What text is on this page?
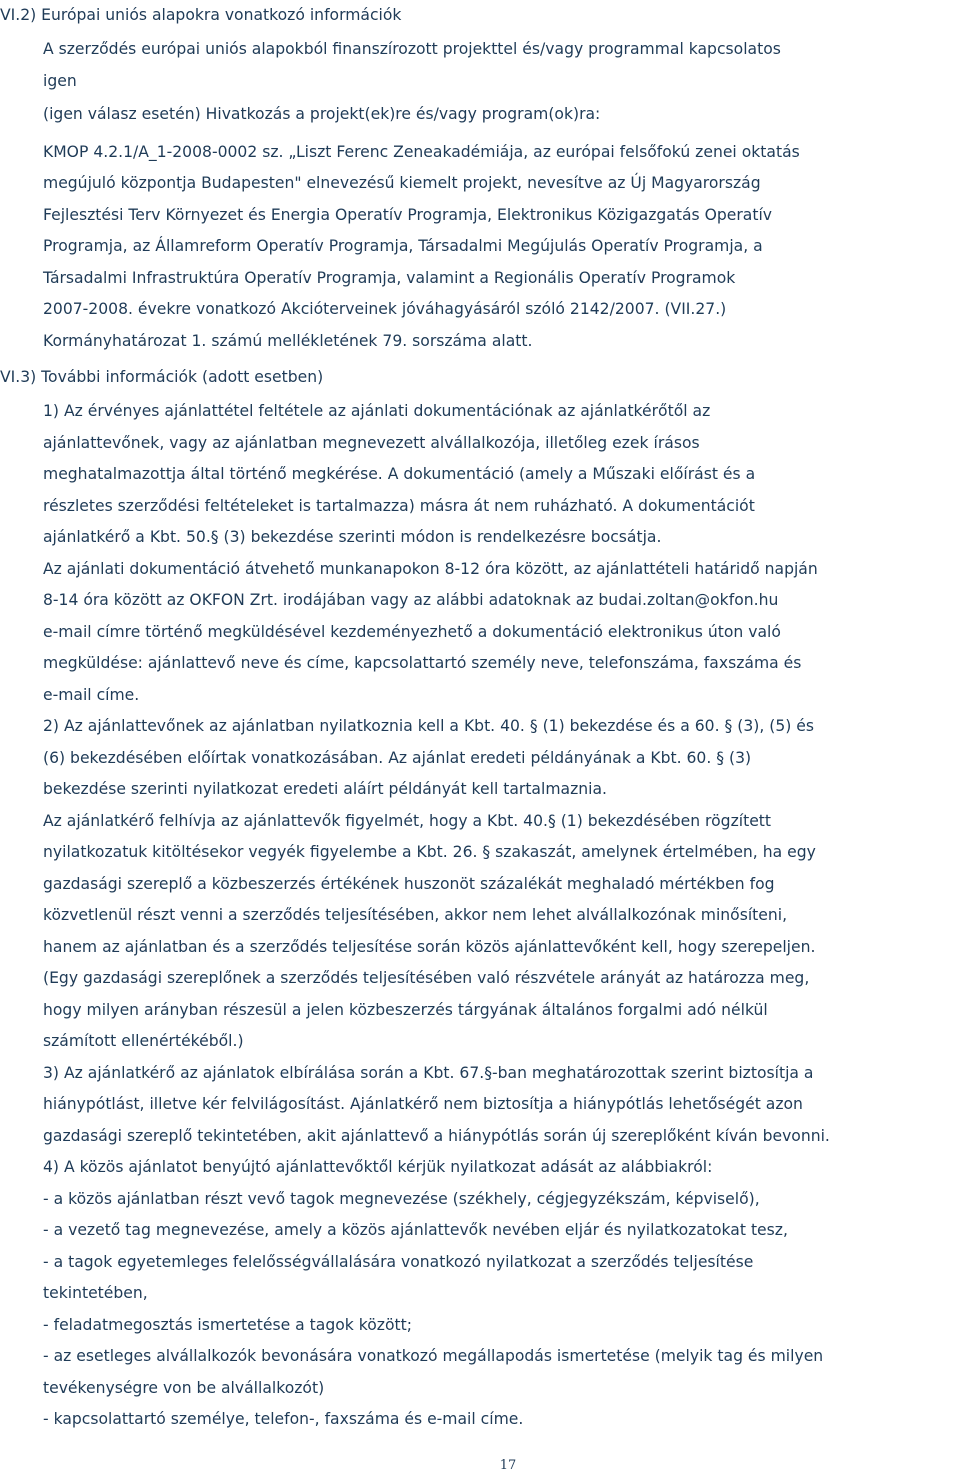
VI.2) Európai uniós alapokra vonatkozó információk
A szerződés európai uniós alapokból finanszírozott projekttel és/vagy programmal kapcsolatos
igen
(igen válasz esetén) Hivatkozás a projekt(ek)re és/vagy program(ok)ra:
KMOP 4.2.1/A_1-2008-0002 sz. „Liszt Ferenc Zeneakadémiája, az európai felsőfokú zenei oktatás
megújuló központja Budapesten" elnevezésű kiemelt projekt, nevesítve az Új Magyarország
Fejlesztési Terv Környezet és Energia Operatív Programja, Elektronikus Közigazgatás Operatív
Programja, az Államreform Operatív Programja, Társadalmi Megújulás Operatív Programja, a
Társadalmi Infrastruktúra Operatív Programja, valamint a Regionális Operatív Programok
2007-2008. évekre vonatkozó Akcióterveinek jóváhagyásáról szóló 2142/2007. (VII.27.)
Kormányhatározat 1. számú mellékletének 79. sorszáma alatt.
VI.3) További információk (adott esetben)
1) Az érvényes ajánlattétel feltétele az ajánlati dokumentációnak az ajánlatkérőtől az
ajánlattevőnek, vagy az ajánlatban megnevezett alvállalkozója, illetőleg ezek írásos
meghatalmazottja által történő megkérése. A dokumentáció (amely a Műszaki előírást és a
részletes szerződési feltételeket is tartalmazza) másra át nem ruházható. A dokumentációt
ajánlatkérő a Kbt. 50.§ (3) bekezdése szerinti módon is rendelkezésre bocsátja.
Az ajánlati dokumentáció átvehető munkanapokon 8-12 óra között, az ajánlattételi határidő napján
8-14 óra között az OKFON Zrt. irodájában vagy az alábbi adatoknak az budai.zoltan@okfon.hu
e-mail címre történő megküldésével kezdeményezhető a dokumentáció elektronikus úton való
megküldése: ajánlattevő neve és címe, kapcsolattartó személy neve, telefonszáma, faxszáma és
e-mail címe.
2) Az ajánlattevőnek az ajánlatban nyilatkoznia kell a Kbt. 40. § (1) bekezdése és a 60. § (3), (5) és
(6) bekezdésében előírtak vonatkozásában. Az ajánlat eredeti példányának a Kbt. 60. § (3)
bekezdése szerinti nyilatkozat eredeti aláírt példányát kell tartalmaznia.
Az ajánlatkérő felhívja az ajánlattevők figyelmét, hogy a Kbt. 40.§ (1) bekezdésében rögzített
nyilatkozatuk kitöltésekor vegyék figyelembe a Kbt. 26. § szakaszát, amelynek értelmében, ha egy
gazdasági szereplő a közbeszerzés értékének huszonöt százalékát meghaladó mértékben fog
közvetlenül részt venni a szerződés teljesítésében, akkor nem lehet alvállalkozónak minősíteni,
hanem az ajánlatban és a szerződés teljesítése során közös ajánlattevőként kell, hogy szerepeljen.
(Egy gazdasági szereplőnek a szerződés teljesítésében való részvétele arányát az határozza meg,
hogy milyen arányban részesül a jelen közbeszerzés tárgyának általános forgalmi adó nélkül
számított ellenértékéből.)
3) Az ajánlatkérő az ajánlatok elbírálása során a Kbt. 67.§-ban meghatározottak szerint biztosítja a
hiánypótlást, illetve kér felvilágosítást. Ajánlatkérő nem biztosítja a hiánypótlás lehetőségét azon
gazdasági szereplő tekintetében, akit ajánlattevő a hiánypótlás során új szereplőként kíván bevonni.
4) A közös ajánlatot benyújtó ajánlattevőktől kérjük nyilatkozat adását az alábbiakról:
- a közös ajánlatban részt vevő tagok megnevezése (székhely, cégjegyzékszám, képviselő),
- a vezető tag megnevezése, amely a közös ajánlattevők nevében eljár és nyilatkozatokat tesz,
- a tagok egyetemleges felelősségvállalására vonatkozó nyilatkozat a szerződés teljesítése
tekintetében,
- feladatmegosztás ismertetése a tagok között;
- az esetleges alvállalkozók bevonására vonatkozó megállapodás ismertetése (melyik tag és milyen
tevékenységre von be alvállalkozót)
- kapcsolattartó személye, telefon-, faxszáma és e-mail címe.
17
